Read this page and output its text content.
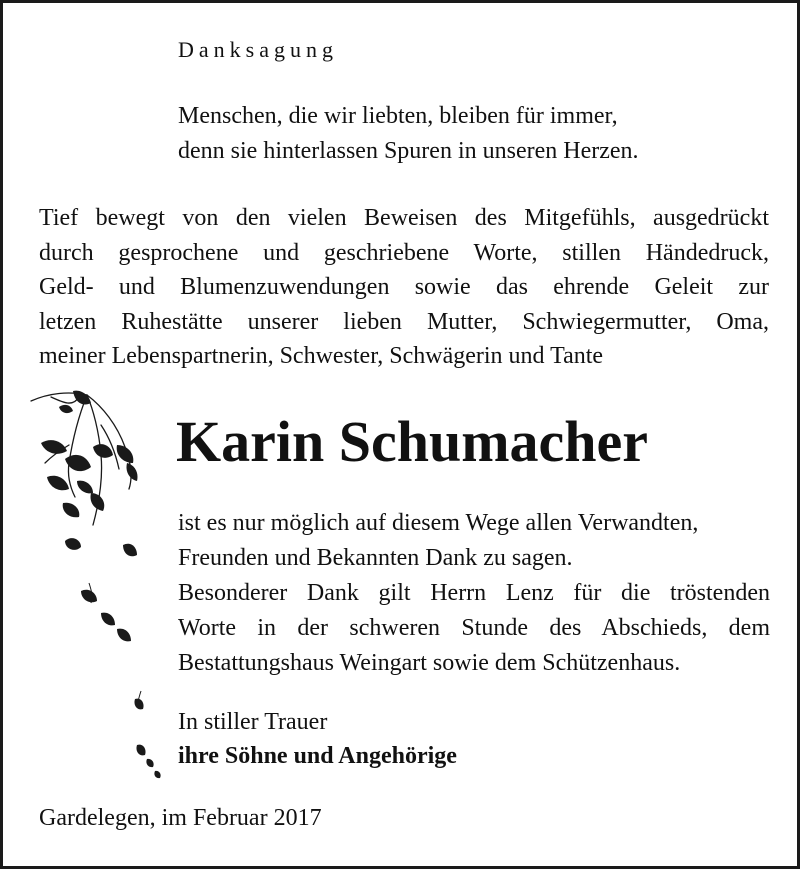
Danksagung
Menschen, die wir liebten, bleiben für immer,
denn sie hinterlassen Spuren in unseren Herzen.
Tief bewegt von den vielen Beweisen des Mitgefühls, ausgedrückt
durch gesprochene und geschriebene Worte, stillen Händedruck,
Geld- und Blumenzuwendungen sowie das ehrende Geleit zur
letzen Ruhestätte unserer lieben Mutter, Schwiegermutter, Oma,
meiner Lebenspartnerin, Schwester, Schwägerin und Tante
Karin Schumacher
ist es nur möglich auf diesem Wege allen Verwandten,
Freunden und Bekannten Dank zu sagen.
Besonderer Dank gilt Herrn Lenz für die tröstenden
Worte in der schweren Stunde des Abschieds, dem
Bestattungshaus Weingart sowie dem Schützenhaus.
In stiller Trauer
ihre Söhne und Angehörige
Gardelegen, im Februar 2017
